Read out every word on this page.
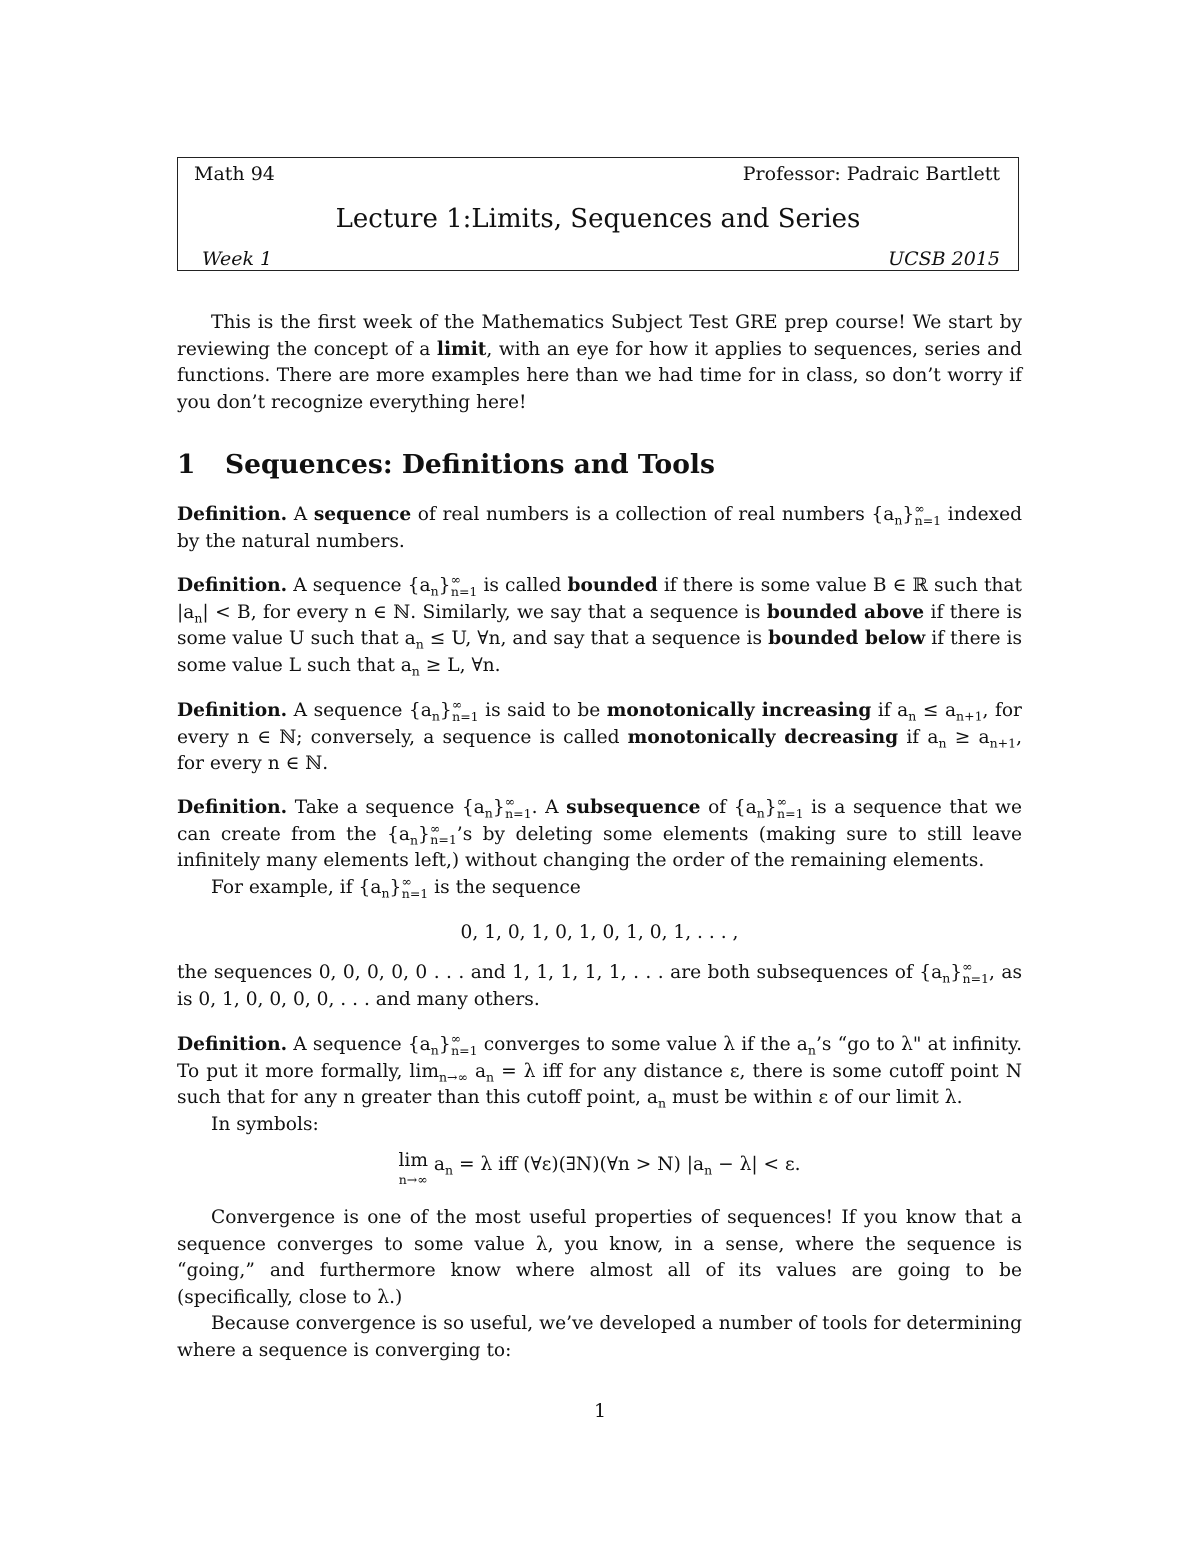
Math 94	Professor: Padraic Bartlett
Lecture 1:Limits, Sequences and Series
Week 1	UCSB 2015

This is the first week of the Mathematics Subject Test GRE prep course! We start by reviewing the concept of a limit, with an eye for how it applies to sequences, series and functions. There are more examples here than we had time for in class, so don’t worry if you don’t recognize everything here!

1 Sequences: Definitions and Tools

Definition. A sequence of real numbers is a collection of real numbers $\{a_n\}^\infty_{n=1}$ indexed by the natural numbers.

Definition. A sequence $\{a_n\}^\infty_{n=1}$ is called bounded if there is some value B ∈ ℝ such that $|a_n| < B$, for every n ∈ ℕ. Similarly, we say that a sequence is bounded above if there is some value U such that $a_n \le U$, ∀n, and say that a sequence is bounded below if there is some value L such that $a_n \ge L$, ∀n.

Definition. A sequence $\{a_n\}^\infty_{n=1}$ is said to be monotonically increasing if $a_n \le a_{n+1}$, for every n ∈ ℕ; conversely, a sequence is called monotonically decreasing if $a_n \ge a_{n+1}$, for every n ∈ ℕ.

Definition. Take a sequence $\{a_n\}^\infty_{n=1}$. A subsequence of $\{a_n\}^\infty_{n=1}$ is a sequence that we can create from the $\{a_n\}^\infty_{n=1}’s$ by deleting some elements (making sure to still leave infinitely many elements left,) without changing the order of the remaining elements.
For example, if $\{a_n\}^\infty_{n=1}$ is the sequence
0, 1, 0, 1, 0, 1, 0, 1, 0, 1, . . . ,

the sequences 0, 0, 0, 0, 0 . . . and 1, 1, 1, 1, 1, . . . are both subsequences of $\{a_n\}^\infty_{n=1}$, as is 0, 1, 0, 0, 0, 0, . . . and many others.

Definition. A sequence $\{a_n\}^\infty_{n=1}$ converges to some value λ if the $a_n’s$ “go to λ" at infinity. To put it more formally, $\lim_{n\to\infty} a_n = \lambda$ iff for any distance ε, there is some cutoff point N such that for any n greater than this cutoff point, $a_n$ must be within ε of our limit λ.
In symbols:
lim
n→∞
$a_n = \lambda$ iff (∀ε)(∃N)(∀n > N) $|a_n - \lambda| < \varepsilon$.

Convergence is one of the most useful properties of sequences! If you know that a sequence converges to some value λ, you know, in a sense, where the sequence is “going,” and furthermore know where almost all of its values are going to be (specifically, close to λ.)

Because convergence is so useful, we’ve developed a number of tools for determining where a sequence is converging to:

1
